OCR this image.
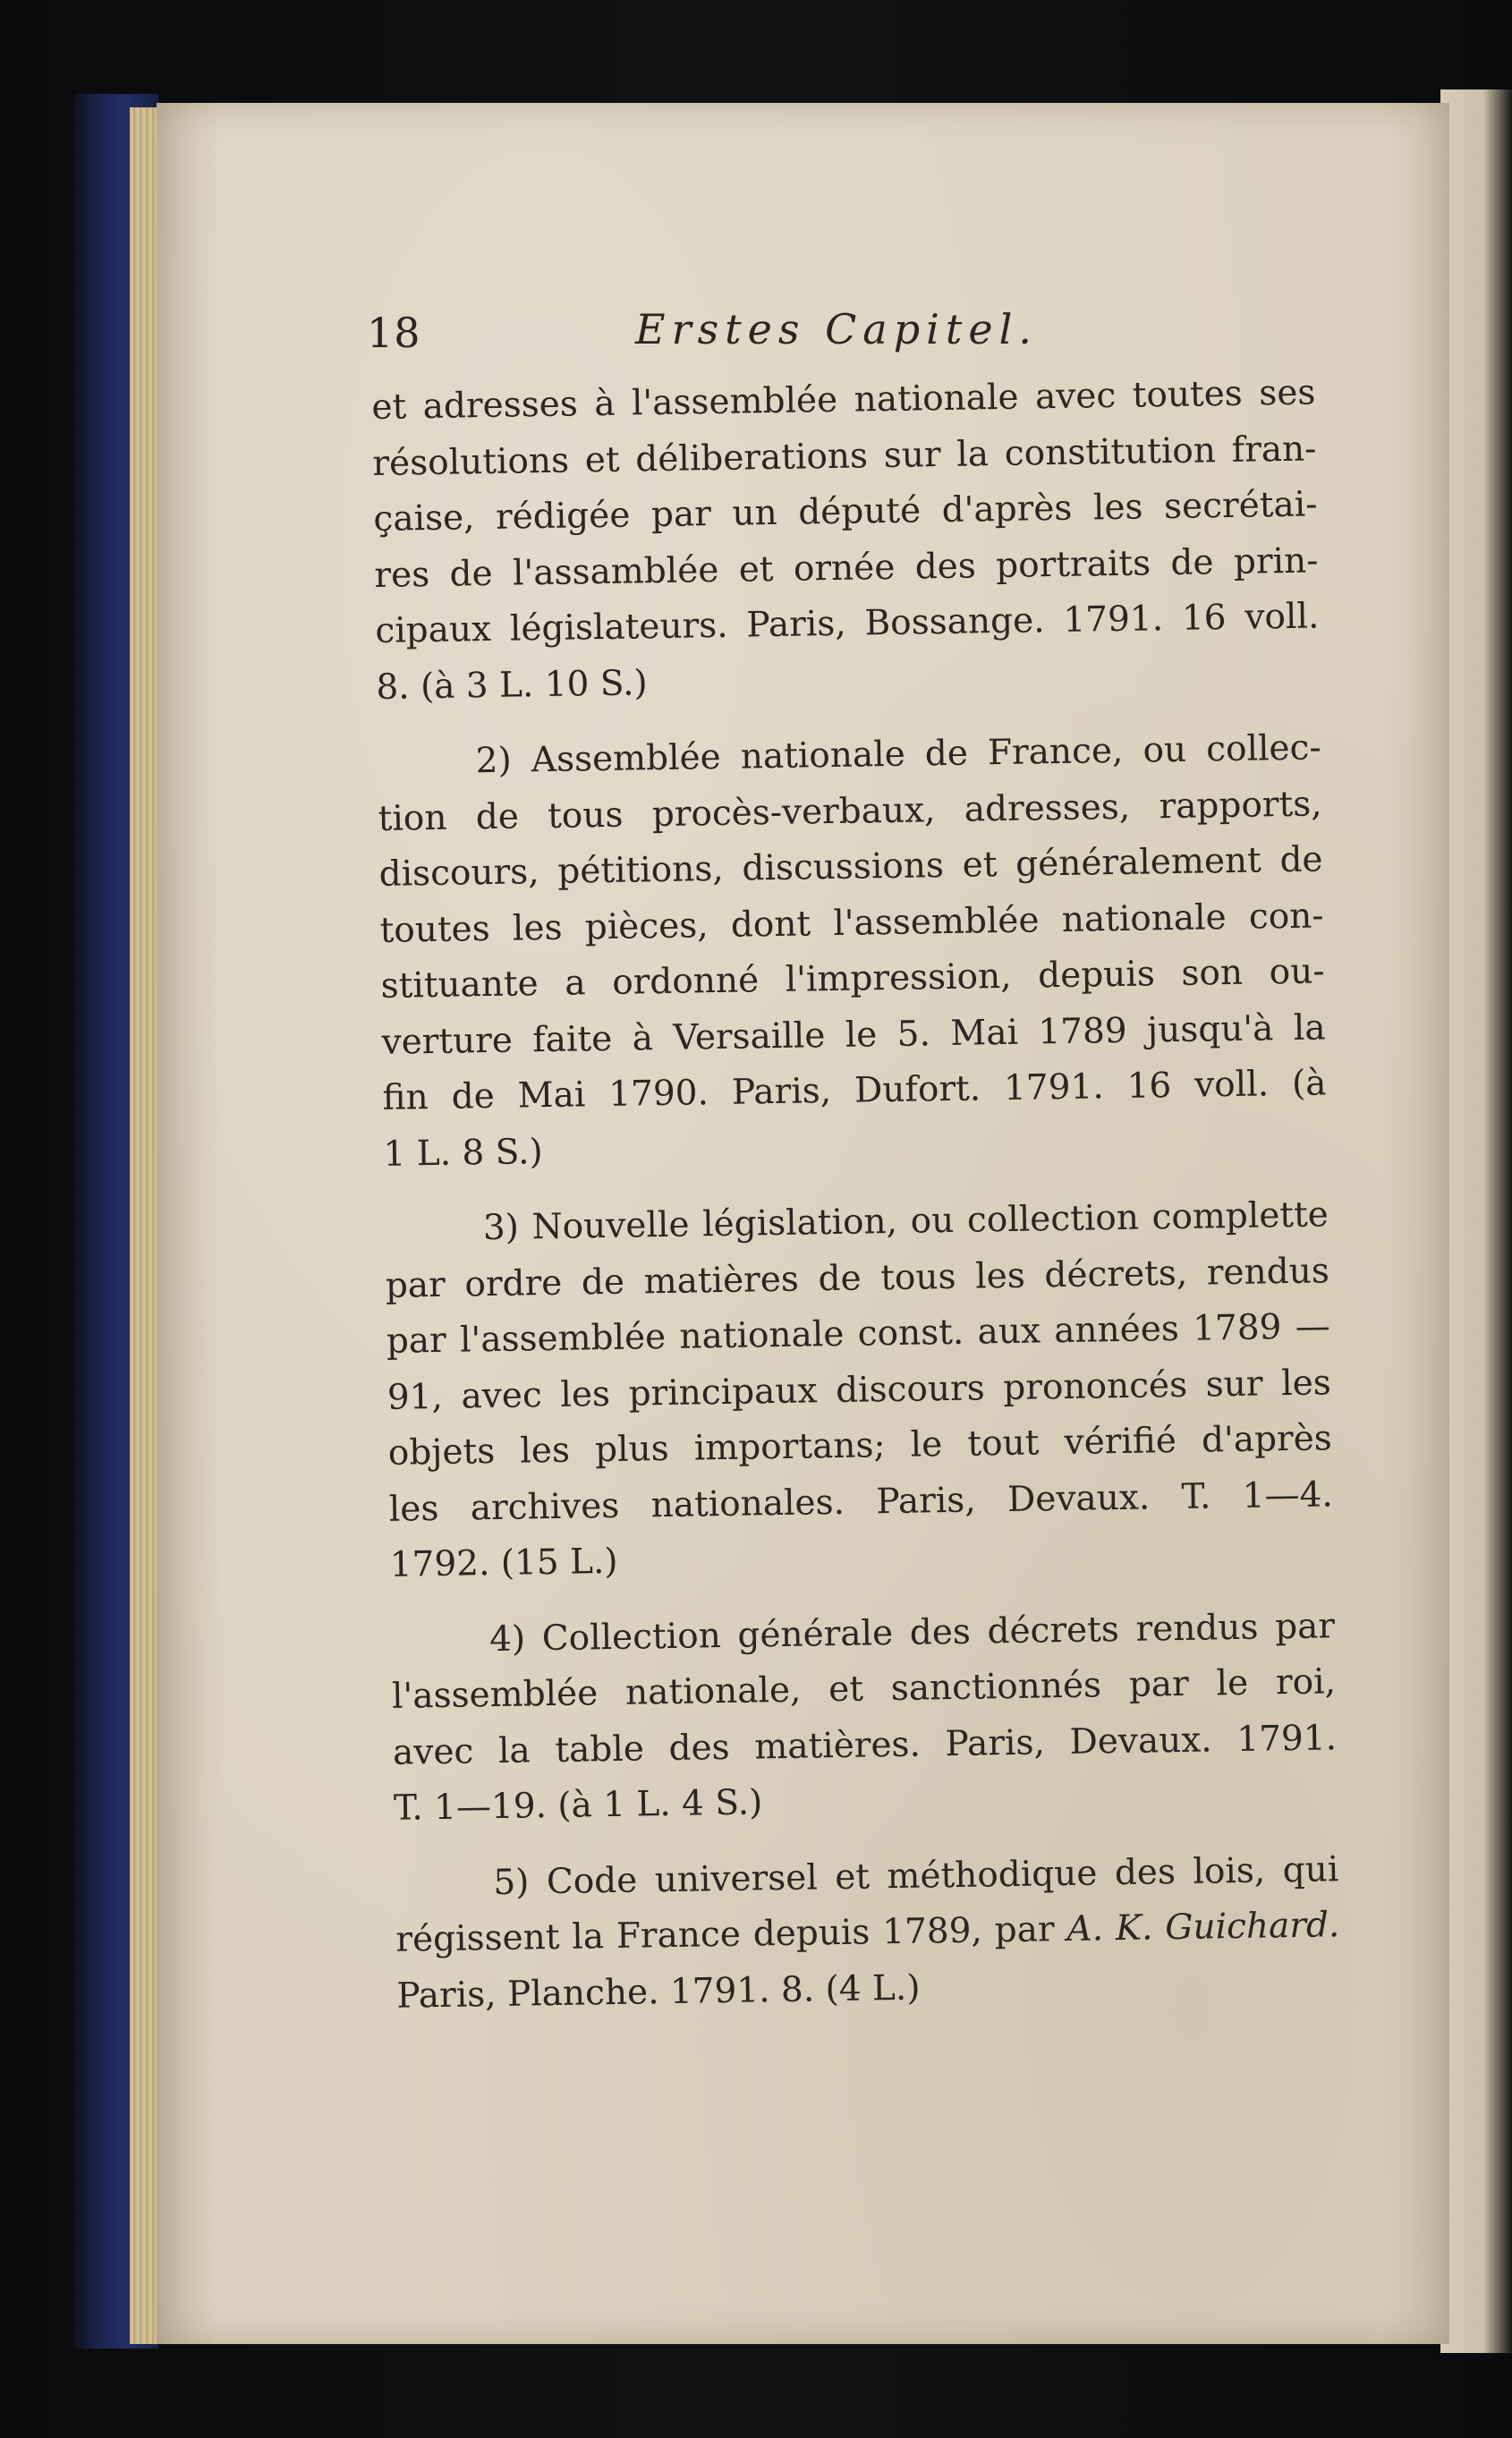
18	Erstes Capitel.
et adresses à l'assemblée nationale avec toutes ses
résolutions et déliberations sur la constitution fran-
çaise, rédigée par un député d'après les secrétai-
res de l'assamblée et ornée des portraits de prin-
cipaux législateurs. Paris, Bossange. 1791. 16 voll.
8. (à 3 L. 10 S.)
2) Assemblée nationale de France, ou collec-
tion de tous procès-verbaux, adresses, rapports,
discours, pétitions, discussions et généralement de
toutes les pièces, dont l'assemblée nationale con-
stituante a ordonné l'impression, depuis son ou-
verture faite à Versaille le 5. Mai 1789 jusqu'à la
fin de Mai 1790. Paris, Dufort. 1791. 16 voll. (à
1 L. 8 S.)
3) Nouvelle législation, ou collection complette
par ordre de matières de tous les décrets, rendus
par l'assemblée nationale const. aux années 1789 —
91, avec les principaux discours prononcés sur les
objets les plus importans; le tout vérifié d'après
les archives nationales. Paris, Devaux. T. 1—4.
1792. (15 L.)
4) Collection générale des décrets rendus par
l'assemblée nationale, et sanctionnés par le roi,
avec la table des matières. Paris, Devaux. 1791.
T. 1—19. (à 1 L. 4 S.)
5) Code universel et méthodique des lois, qui
régissent la France depuis 1789, par A. K. Guichard.
Paris, Planche. 1791. 8. (4 L.)
